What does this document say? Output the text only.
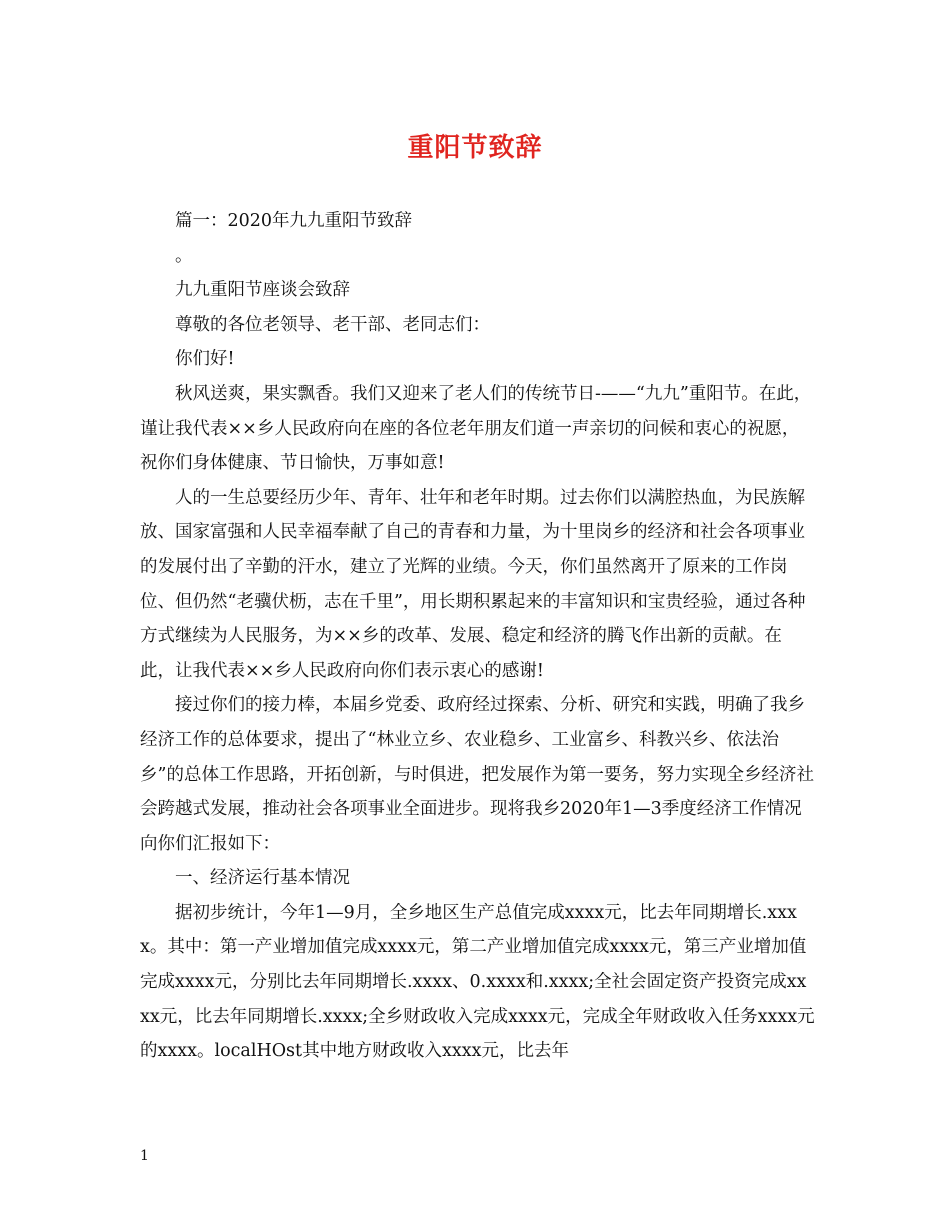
重阳节致辞

篇一：2020年九九重阳节致辞

。

九九重阳节座谈会致辞

尊敬的各位老领导、老干部、老同志们：

你们好!

秋风送爽，果实飘香。我们又迎来了老人们的传统节日-——“九九”重阳节。在此，谨让我代表××乡人民政府向在座的各位老年朋友们道一声亲切的问候和衷心的祝愿，祝你们身体健康、节日愉快，万事如意!

人的一生总要经历少年、青年、壮年和老年时期。过去你们以满腔热血，为民族解放、国家富强和人民幸福奉献了自己的青春和力量，为十里岗乡的经济和社会各项事业的发展付出了辛勤的汗水，建立了光辉的业绩。今天，你们虽然离开了原来的工作岗位、但仍然“老骥伏枥，志在千里”，用长期积累起来的丰富知识和宝贵经验，通过各种方式继续为人民服务，为××乡的改革、发展、稳定和经济的腾飞作出新的贡献。在此，让我代表××乡人民政府向你们表示衷心的感谢!

接过你们的接力棒，本届乡党委、政府经过探索、分析、研究和实践，明确了我乡经济工作的总体要求，提出了“林业立乡、农业稳乡、工业富乡、科教兴乡、依法治乡”的总体工作思路，开拓创新，与时俱进，把发展作为第一要务，努力实现全乡经济社会跨越式发展，推动社会各项事业全面进步。现将我乡2020年1—3季度经济工作情况向你们汇报如下：

一、经济运行基本情况

据初步统计，今年1—9月，全乡地区生产总值完成xxxx元，比去年同期增长.xxxx。其中：第一产业增加值完成xxxx元，第二产业增加值完成xxxx元，第三产业增加值完成xxxx元，分别比去年同期增长.xxxx、0.xxxx和.xxxx;全社会固定资产投资完成xxxx元，比去年同期增长.xxxx;全乡财政收入完成xxxx元，完成全年财政收入任务xxxx元的xxxx。localHOst其中地方财政收入xxxx元，比去年

1
